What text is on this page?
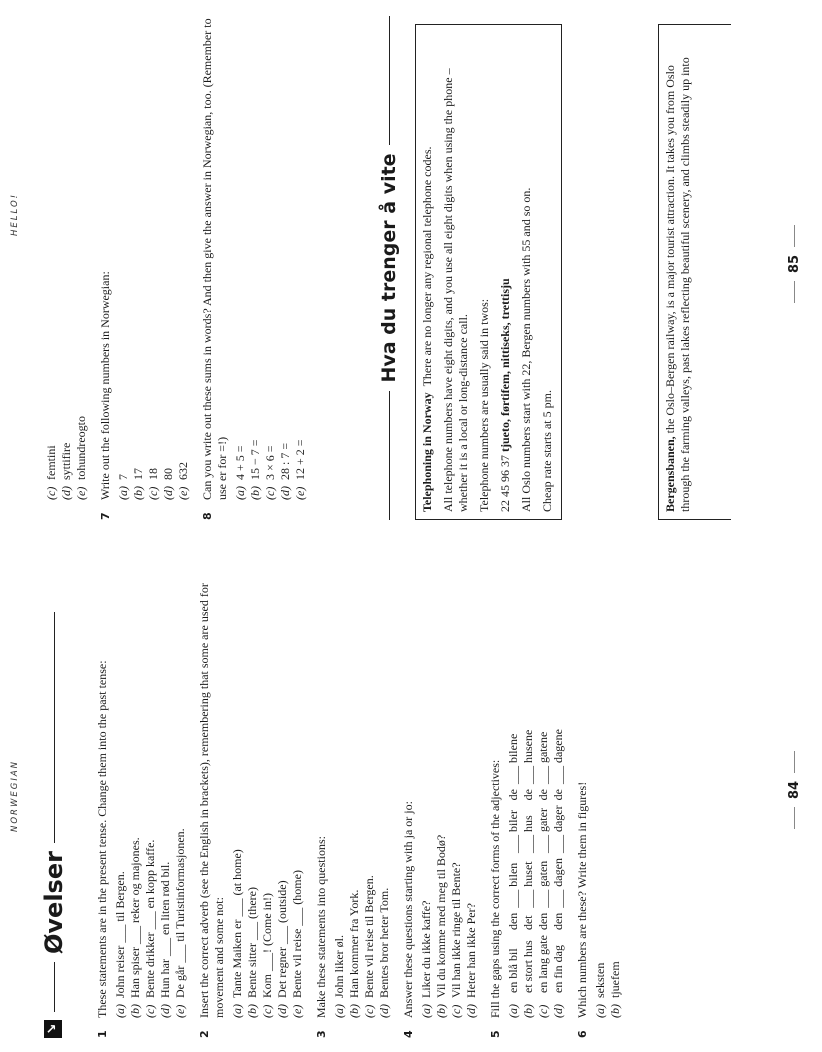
NORWEGIAN
↘
Øvelser
1
These statements are in the present tense. Change them into the past tense: (a)
John reiser ___ til Bergen.
(b)
Han spiser ___ reker og majones.
(c)
Bente drikker ___ en kopp kaffe.
(d)
Hun har ___ en liten rød bil.
(e)
De går ___ til Turistinformasjonen.
2
Insert the correct adverb (see the English in brackets), remembering that some are used for movement and some not: (a)
Tante Maiken er ___ (at home)
(b)
Bente sitter ___ (there)
(c)
Kom ___! (Come in!)
(d)
Det regner ___ (outside)
(e)
Bente vil reise ___ (home)
3
Make these statements into questions: (a)
John liker øl.
(b)
Han kommer fra York.
(c)
Bente vil reise til Bergen.
(d)
Bentes bror heter Tom.
4
Answer these questions starting with ja or jo: (a)
Liker du ikke kaffe?
(b)
Vil du komme med meg til Bodø?
(c)
Vil han ikke ringe til Bente?
(d)
Heter han ikke Per?
5
Fill the gaps using the correct forms of the adjectives: (a)	en blå bil	den	___ bilen	___ biler	de	___ bilene
(b)	et stort hus	det	___ huset	___ hus	de	___ husene
(c)	en lang gate	den	___ gaten	___ gater	de	___ gatene
(d)	en fin dag	den	___ dagen	___ dager	de	___ dagene
6
Which numbers are these? Write them in figures! (a)
seksten
(b)
tjuefem
84
HELLO!
(c)
femtini
(d)
syttifire
(e)
tohundreogto
7
Write out the following numbers in Norwegian: (a)
7
(b)
17
(c)
18
(d)
80
(e)
632
8
Can you write out these sums in words? And then give the answer in Norwegian, too. (Remember to use er for =!) (a)
4 + 5 =
(b)
15 − 7 =
(c)
3 × 6 =
(d)
28 : 7 =
(e)
12 + 2 =
Hva du trenger å vite

Telephoning in Norway  There are no longer any regional telephone codes. All telephone numbers have eight digits, and you use all eight digits when using the phone – whether it is a local or long-distance call. Telephone numbers are usually said in twos: 22 45 96 37 tjueto, førtifem, nittiseks, trettisju All Oslo numbers start with 22, Bergen numbers with 55 and so on. Cheap rate starts at 5 pm.	Bergensbanen, the Oslo–Bergen railway, is a major tourist attraction. It takes you from Oslo through the farming valleys, past lakes reflecting beautiful scenery, and climbs steadily up into	85
